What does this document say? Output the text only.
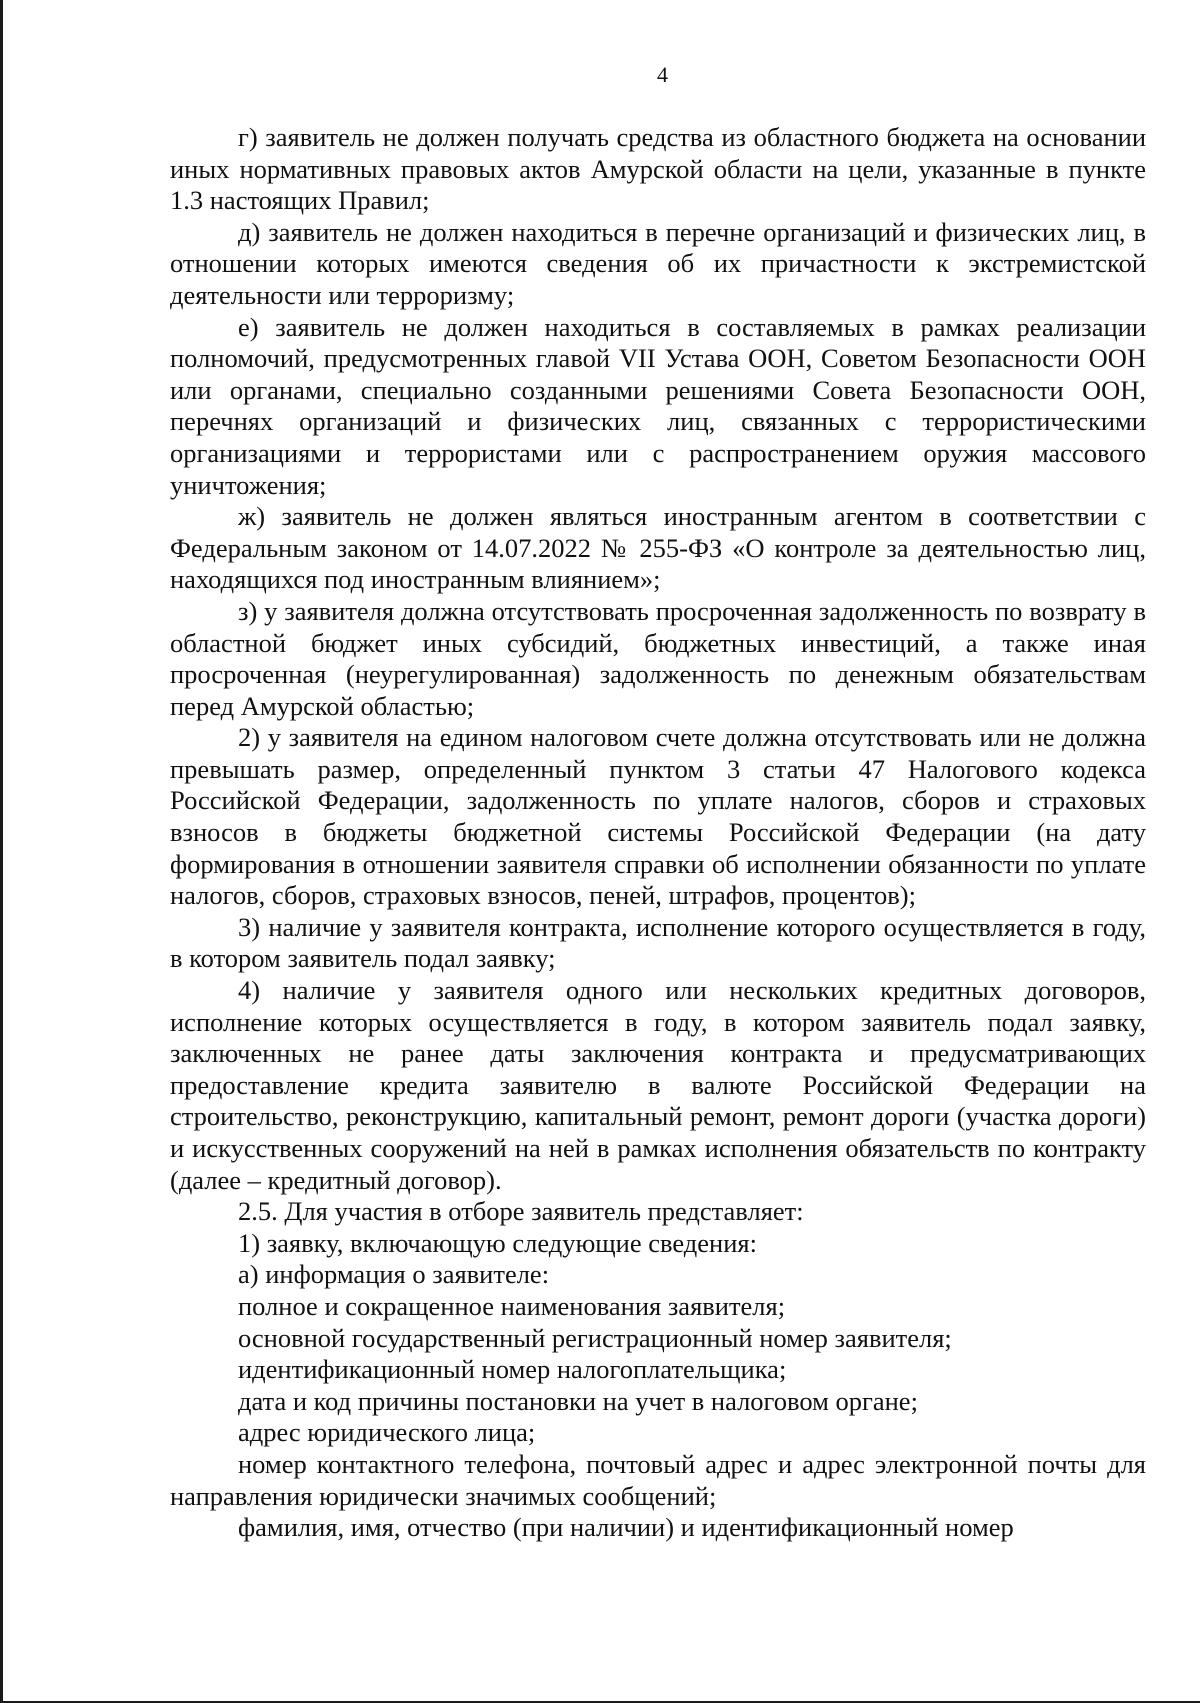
4

г) заявитель не должен получать средства из областного бюджета на основании иных нормативных правовых актов Амурской области на цели, указанные в пункте 1.3 настоящих Правил;

д) заявитель не должен находиться в перечне организаций и физических лиц, в отношении которых имеются сведения об их причастности к экстремистской деятельности или терроризму;

е) заявитель не должен находиться в составляемых в рамках реализации полномочий, предусмотренных главой VII Устава ООН, Советом Безопасности ООН или органами, специально созданными решениями Совета Безопасности ООН, перечнях организаций и физических лиц, связанных с террористическими организациями и террористами или с распространением оружия массового уничтожения;

ж) заявитель не должен являться иностранным агентом в соответствии с Федеральным законом от 14.07.2022 № 255-ФЗ «О контроле за деятельностью лиц, находящихся под иностранным влиянием»;

з) у заявителя должна отсутствовать просроченная задолженность по возврату в областной бюджет иных субсидий, бюджетных инвестиций, а также иная просроченная (неурегулированная) задолженность по денежным обязательствам перед Амурской областью;

2) у заявителя на едином налоговом счете должна отсутствовать или не должна превышать размер, определенный пунктом 3 статьи 47 Налогового кодекса Российской Федерации, задолженность по уплате налогов, сборов и страховых взносов в бюджеты бюджетной системы Российской Федерации (на дату формирования в отношении заявителя справки об исполнении обязанности по уплате налогов, сборов, страховых взносов, пеней, штрафов, процентов);

3) наличие у заявителя контракта, исполнение которого осуществляется в году, в котором заявитель подал заявку;

4) наличие у заявителя одного или нескольких кредитных договоров, исполнение которых осуществляется в году, в котором заявитель подал заявку, заключенных не ранее даты заключения контракта и предусматривающих предоставление кредита заявителю в валюте Российской Федерации на строительство, реконструкцию, капитальный ремонт, ремонт дороги (участка дороги) и искусственных сооружений на ней в рамках исполнения обязательств по контракту (далее – кредитный договор).

2.5. Для участия в отборе заявитель представляет:

1) заявку, включающую следующие сведения:

а) информация о заявителе:

полное и сокращенное наименования заявителя;

основной государственный регистрационный номер заявителя;

идентификационный номер налогоплательщика;

дата и код причины постановки на учет в налоговом органе;

адрес юридического лица;

номер контактного телефона, почтовый адрес и адрес электронной почты для направления юридически значимых сообщений;

фамилия, имя, отчество (при наличии) и идентификационный номер
